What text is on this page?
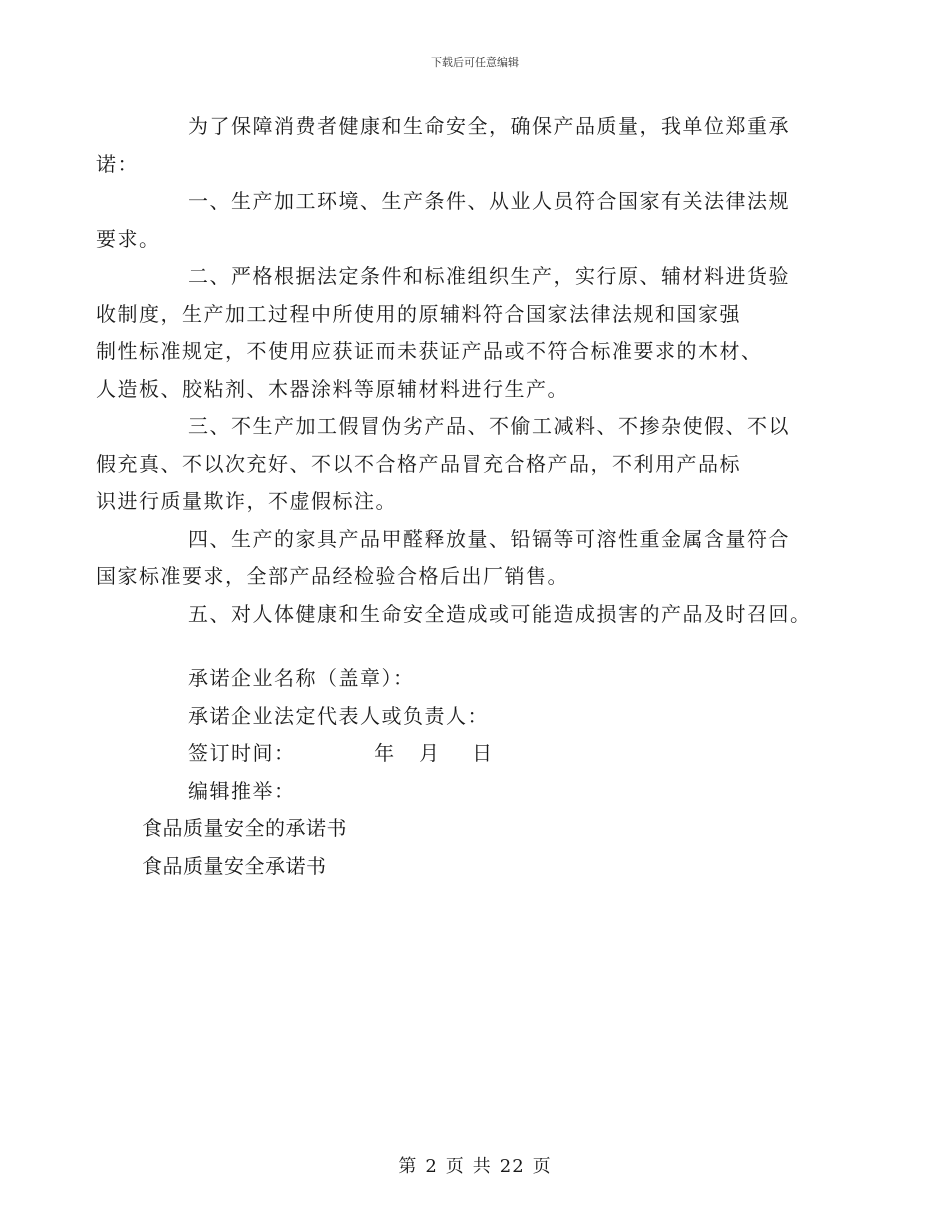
下载后可任意编辑

为了保障消费者健康和生命安全，确保产品质量，我单位郑重承
诺：

一、生产加工环境、生产条件、从业人员符合国家有关法律法规
要求。

二、严格根据法定条件和标准组织生产，实行原、辅材料进货验
收制度，生产加工过程中所使用的原辅料符合国家法律法规和国家强
制性标准规定，不使用应获证而未获证产品或不符合标准要求的木材、
人造板、胶粘剂、木器涂料等原辅材料进行生产。

三、不生产加工假冒伪劣产品、不偷工减料、不掺杂使假、不以
假充真、不以次充好、不以不合格产品冒充合格产品，不利用产品标
识进行质量欺诈，不虚假标注。

四、生产的家具产品甲醛释放量、铅镉等可溶性重金属含量符合
国家标准要求，全部产品经检验合格后出厂销售。

五、对人体健康和生命安全造成或可能造成损害的产品及时召回。

承诺企业名称（盖章）：
承诺企业法定代表人或负责人：
签订时间：          年   月    日
编辑推举：
食品质量安全的承诺书
食品质量安全承诺书
第 2 页 共 22 页
